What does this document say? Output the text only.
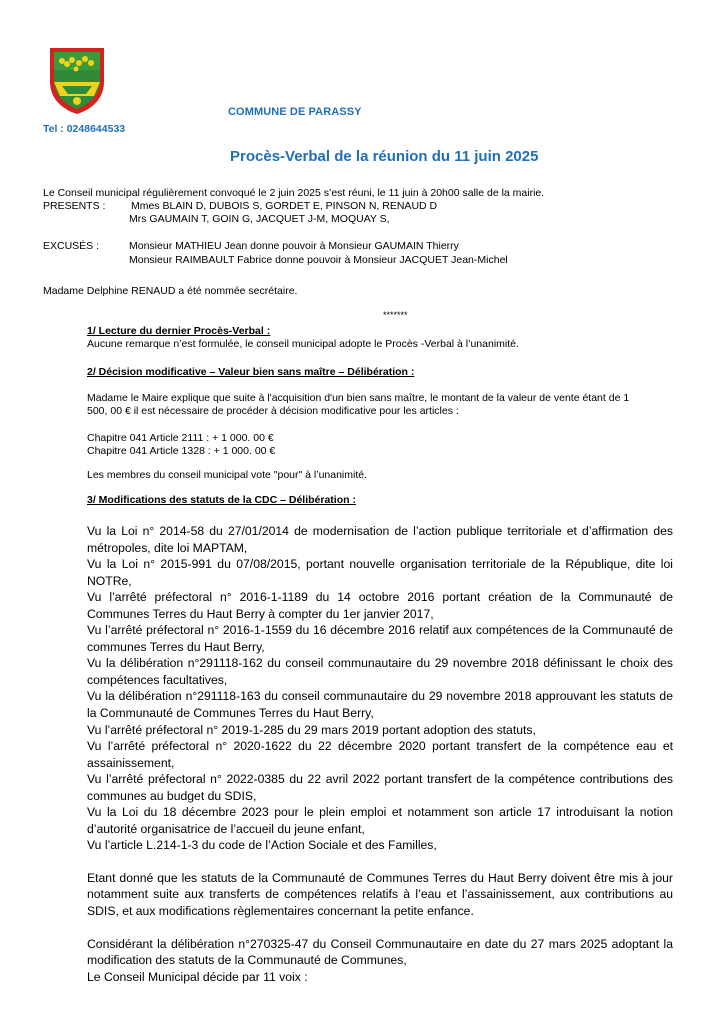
COMMUNE DE PARASSY
Tel : 0248644533
Procès-Verbal de la réunion du 11 juin 2025
Le Conseil municipal régulièrement convoqué le 2 juin 2025 s’est réuni, le 11 juin à 20h00 salle de la mairie.
PRESENTS : Mmes BLAIN D, DUBOIS S, GORDET E, PINSON N, RENAUD D
Mrs GAUMAIN T, GOIN G, JACQUET J-M, MOQUAY S,
EXCUSÉS :	Monsieur MATHIEU Jean donne pouvoir à Monsieur GAUMAIN Thierry
Monsieur RAIMBAULT Fabrice donne pouvoir à Monsieur JACQUET Jean-Michel
Madame Delphine RENAUD a été nommée secrétaire.
*******
1/ Lecture du dernier Procès-Verbal :
Aucune remarque n’est formulée, le conseil municipal adopte le Procès -Verbal à l’unanimité.
2/ Décision modificative – Valeur bien sans maître – Délibération :
Madame le Maire explique que suite à l'acquisition d'un bien sans maître, le montant de la valeur de vente étant de 1
500, 00 € il est nécessaire de procéder à décision modificative pour les articles :
Chapitre 041 Article 2111 : + 1 000. 00 €
Chapitre 041 Article 1328 : + 1 000. 00 €
Les membres du conseil municipal vote "pour" à l’unanimité.
3/ Modifications des statuts de la CDC – Délibération :

Vu la Loi n° 2014-58 du 27/01/2014 de modernisation de l’action publique territoriale et d’affirmation des métropoles, dite loi MAPTAM,

Vu la Loi n° 2015-991 du 07/08/2015, portant nouvelle organisation territoriale de la République, dite loi NOTRe,

Vu l’arrêté préfectoral n° 2016-1-1189 du 14 octobre 2016 portant création de la Communauté de Communes Terres du Haut Berry à compter du 1er janvier 2017,

Vu l’arrêté préfectoral n° 2016-1-1559 du 16 décembre 2016 relatif aux compétences de la Communauté de communes Terres du Haut Berry,

Vu la délibération n°291118-162 du conseil communautaire du 29 novembre 2018 définissant le choix des compétences facultatives,

Vu la délibération n°291118-163 du conseil communautaire du 29 novembre 2018 approuvant les statuts de la Communauté de Communes Terres du Haut Berry,

Vu l’arrêté préfectoral n° 2019-1-285 du 29 mars 2019 portant adoption des statuts,

Vu l’arrêté préfectoral n° 2020-1622 du 22 décembre 2020 portant transfert de la compétence eau et assainissement,

Vu l’arrêté préfectoral n° 2022-0385 du 22 avril 2022 portant transfert de la compétence contributions des communes au budget du SDIS,

Vu la Loi du 18 décembre 2023 pour le plein emploi et notamment son article 17 introduisant la notion d’autorité organisatrice de l’accueil du jeune enfant,

Vu l’article L.214-1-3 du code de l’Action Sociale et des Familles,

Etant donné que les statuts de la Communauté de Communes Terres du Haut Berry doivent être mis à jour notamment suite aux transferts de compétences relatifs à l’eau et l’assainissement, aux contributions au SDIS, et aux modifications règlementaires concernant la petite enfance.

Considérant la délibération n°270325-47 du Conseil Communautaire en date du 27 mars 2025 adoptant la modification des statuts de la Communauté de Communes,

Le Conseil Municipal décide par 11 voix :
